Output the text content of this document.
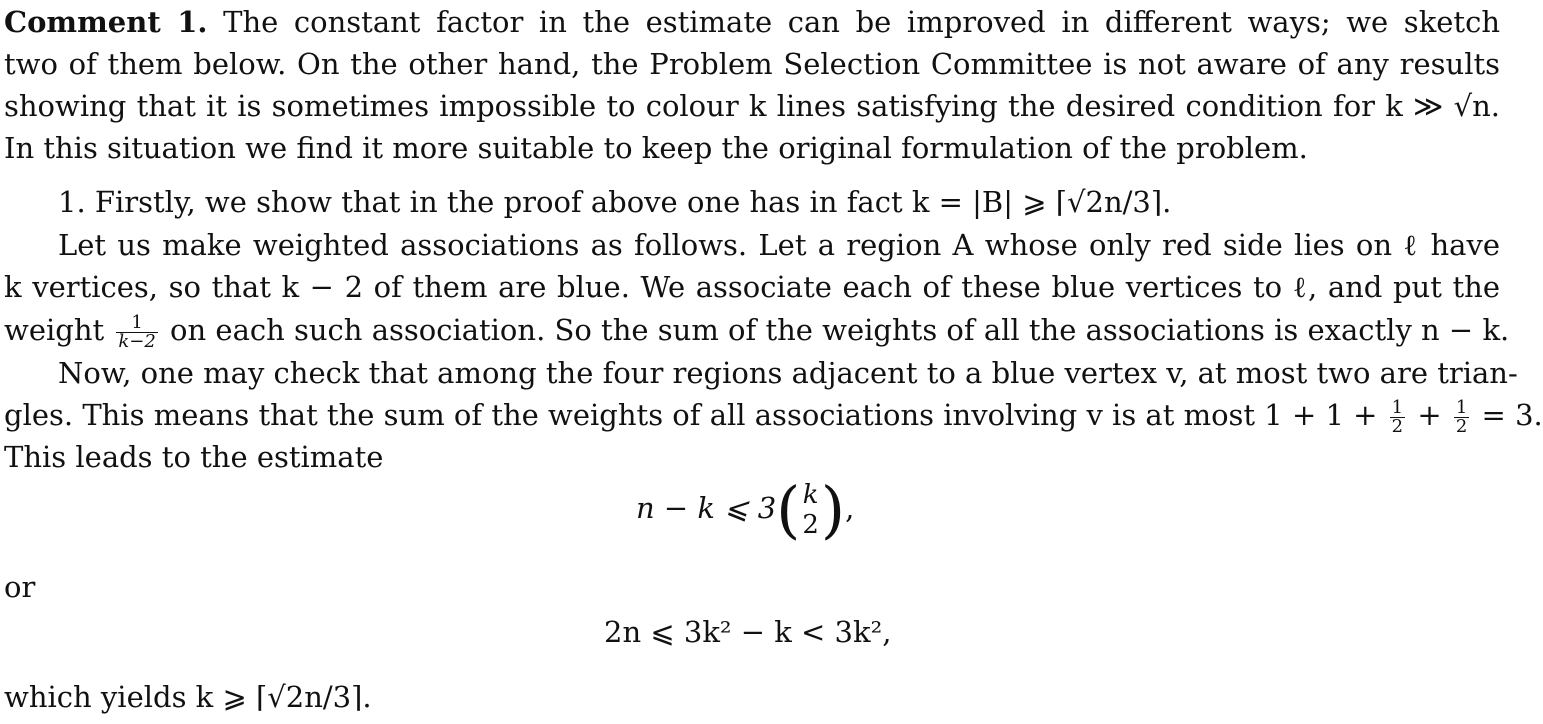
Comment 1. The constant factor in the estimate can be improved in different ways; we sketch
two of them below. On the other hand, the Problem Selection Committee is not aware of any results
showing that it is sometimes impossible to colour k lines satisfying the desired condition for k ≫ √n.
In this situation we find it more suitable to keep the original formulation of the problem.
1. Firstly, we show that in the proof above one has in fact k = |B| ⩾ ⌈√2n/3⌉.
Let us make weighted associations as follows. Let a region A whose only red side lies on ℓ have
k vertices, so that k − 2 of them are blue. We associate each of these blue vertices to ℓ, and put the
weight $\frac{1}{k-2}$ on each such association. So the sum of the weights of all the associations is exactly n − k.
Now, one may check that among the four regions adjacent to a blue vertex v, at most two are trian-
gles. This means that the sum of the weights of all associations involving v is at most $1 + 1 + \frac{1}{2} + \frac{1}{2} = 3$.
This leads to the estimate
n − k ⩽ 3 ( k
2 ) ,
or
2n ⩽ 3k² − k < 3k²,
which yields k ⩾ ⌈√2n/3⌉.
